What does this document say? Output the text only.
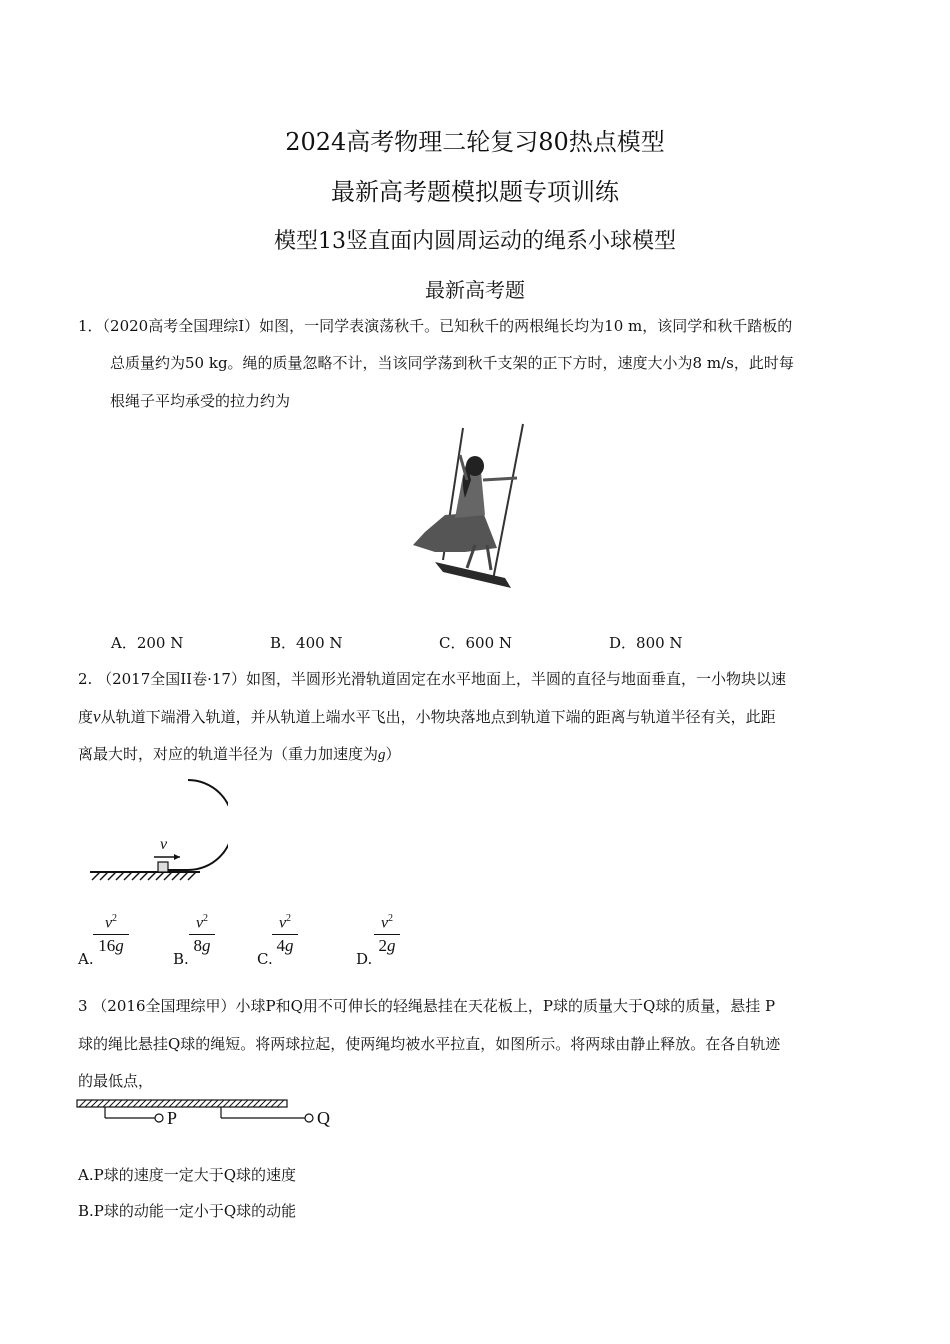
2024高考物理二轮复习80热点模型
最新高考题模拟题专项训练
模型13竖直面内圆周运动的绳系小球模型
最新高考题
1．（2020高考全国理综I）如图，一同学表演荡秋千。已知秋千的两根绳长均为10 m，该同学和秋千踏板的
总质量约为50 kg。绳的质量忽略不计，当该同学荡到秋千支架的正下方时，速度大小为8 m/s，此时每
根绳子平均承受的拉力约为
A．200 N	B．400 N	C．600 N	D．800 N
2. （2017全国II卷·17）如图，半圆形光滑轨道固定在水平地面上，半圆的直径与地面垂直，一小物块以速
度v从轨道下端滑入轨道，并从轨道上端水平飞出，小物块落地点到轨道下端的距离与轨道半径有关，此距
离最大时，对应的轨道半径为（重力加速度为g）
v
A.
$v^2$
16g
B.
$v^2$
8g
C.
$v^2$
4g
D.
$v^2$
2g
3 （2016全国理综甲）小球P和Q用不可伸长的轻绳悬挂在天花板上，P球的质量大于Q球的质量，悬挂 P
球的绳比悬挂Q球的绳短。将两球拉起，使两绳均被水平拉直，如图所示。将两球由静止释放。在各自轨迹
的最低点，
P	Q
A.P球的速度一定大于Q球的速度
B.P球的动能一定小于Q球的动能
